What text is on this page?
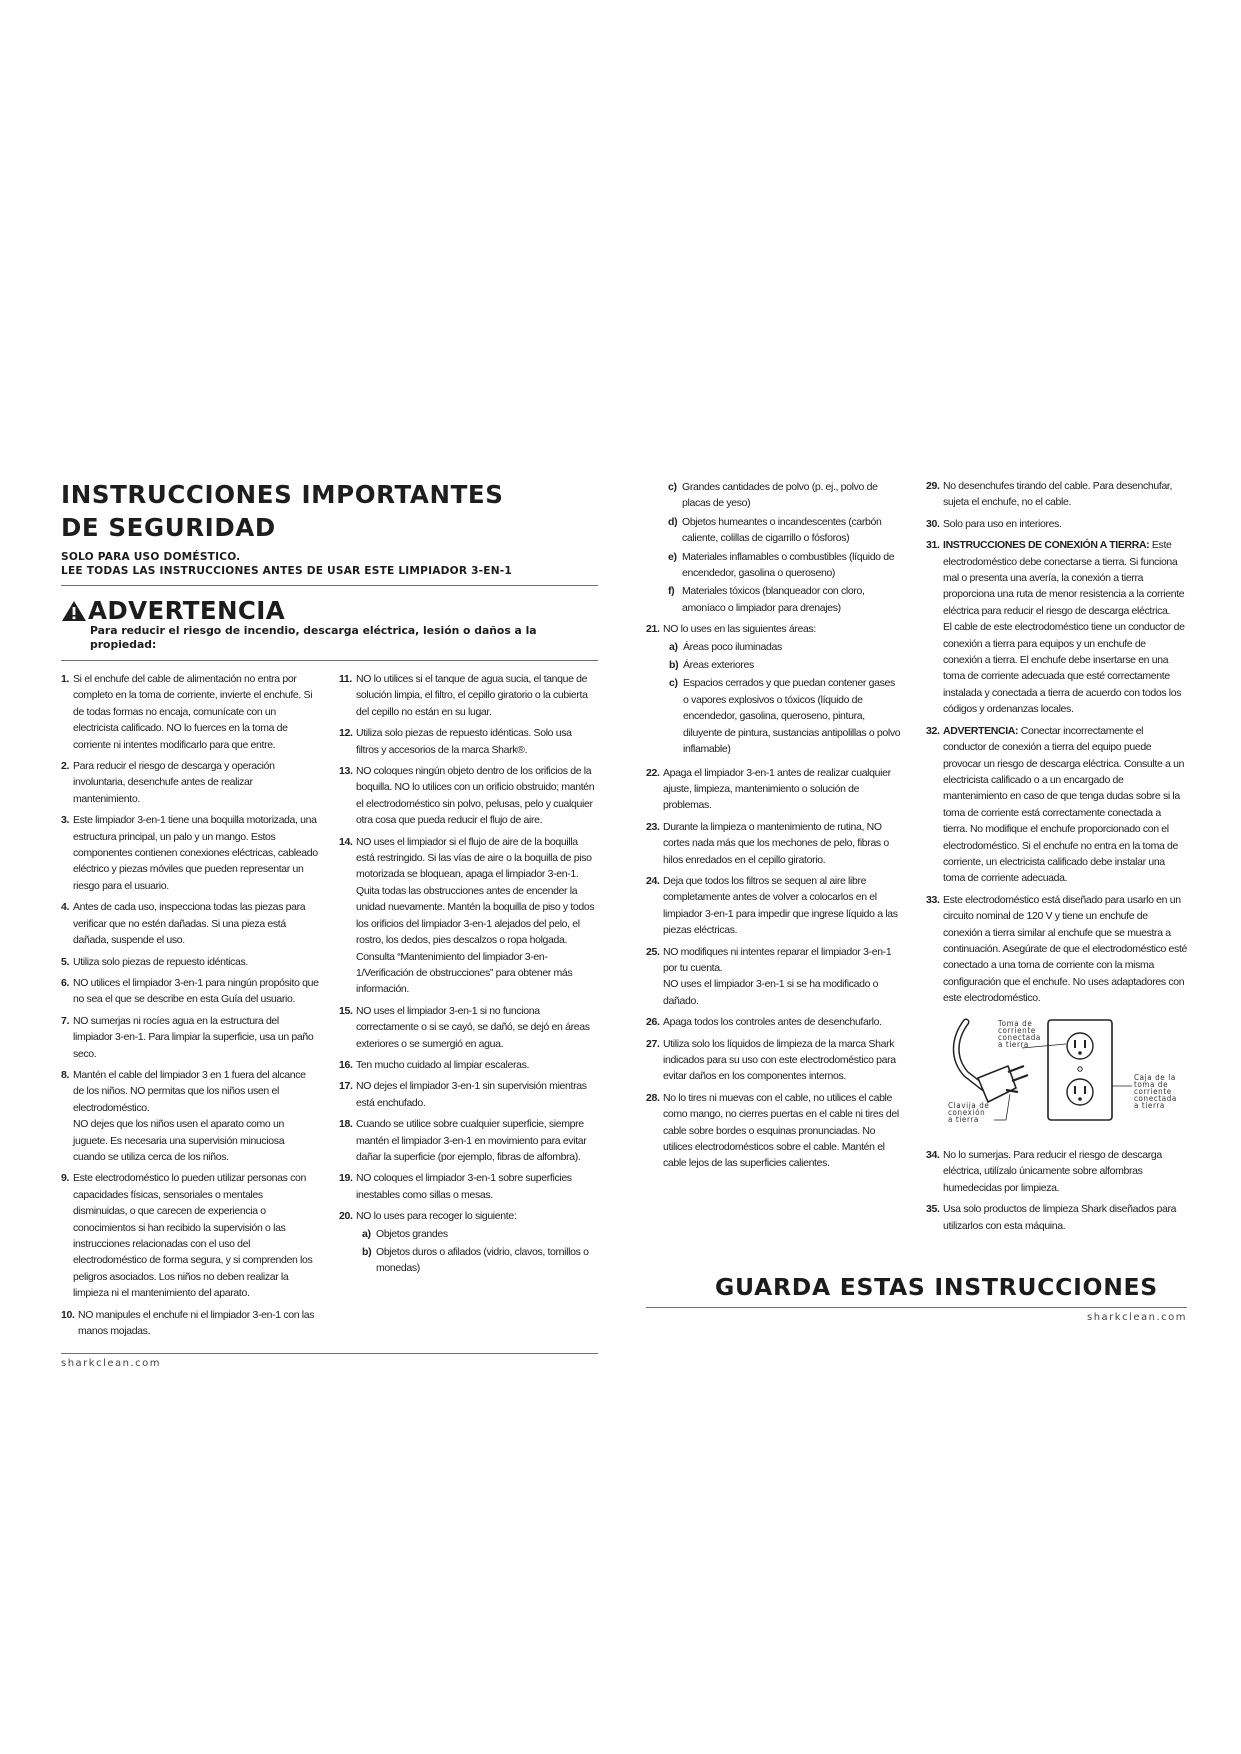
INSTRUCCIONES IMPORTANTES
DE SEGURIDAD
SOLO PARA USO DOMÉSTICO.
LEE TODAS LAS INSTRUCCIONES ANTES DE USAR ESTE LIMPIADOR 3-EN-1
ADVERTENCIA
Para reducir el riesgo de incendio, descarga eléctrica, lesión o daños a la propiedad:
1. Si el enchufe del cable de alimentación no entra por completo en la toma de corriente, invierte el enchufe. Si de todas formas no encaja, comunícate con un electricista calificado. NO lo fuerces en la toma de corriente ni intentes modificarlo para que entre.
2. Para reducir el riesgo de descarga y operación involuntaria, desenchufe antes de realizar mantenimiento.
3. Este limpiador 3-en-1 tiene una boquilla motorizada, una estructura principal, un palo y un mango. Estos componentes contienen conexiones eléctricas, cableado eléctrico y piezas móviles que pueden representar un riesgo para el usuario.
4. Antes de cada uso, inspecciona todas las piezas para verificar que no estén dañadas. Si una pieza está dañada, suspende el uso.
5. Utiliza solo piezas de repuesto idénticas.
6. NO utilices el limpiador 3-en-1 para ningún propósito que no sea el que se describe en esta Guía del usuario.
7. NO sumerjas ni rocíes agua en la estructura del limpiador 3-en-1. Para limpiar la superficie, usa un paño seco.
8. Mantén el cable del limpiador 3 en 1 fuera del alcance de los niños. NO permitas que los niños usen el electrodoméstico.

NO dejes que los niños usen el aparato como un juguete. Es necesaria una supervisión minuciosa cuando se utiliza cerca de los niños.

9. Este electrodoméstico lo pueden utilizar personas con capacidades físicas, sensoriales o mentales disminuidas, o que carecen de experiencia o conocimientos si han recibido la supervisión o las instrucciones relacionadas con el uso del electrodoméstico de forma segura, y si comprenden los peligros asociados. Los niños no deben realizar la limpieza ni el mantenimiento del aparato.
10. NO manipules el enchufe ni el limpiador 3-en-1 con las manos mojadas.
11. NO lo utilices si el tanque de agua sucia, el tanque de solución limpia, el filtro, el cepillo giratorio o la cubierta del cepillo no están en su lugar.
12. Utiliza solo piezas de repuesto idénticas. Solo usa filtros y accesorios de la marca Shark®.
13. NO coloques ningún objeto dentro de los orificios de la boquilla. NO lo utilices con un orificio obstruido; mantén el electrodoméstico sin polvo, pelusas, pelo y cualquier otra cosa que pueda reducir el flujo de aire.
14. NO uses el limpiador si el flujo de aire de la boquilla está restringido. Si las vías de aire o la boquilla de piso motorizada se bloquean, apaga el limpiador 3-en-1. Quita todas las obstrucciones antes de encender la unidad nuevamente. Mantén la boquilla de piso y todos los orificios del limpiador 3-en-1 alejados del pelo, el rostro, los dedos, pies descalzos o ropa holgada. Consulta “Mantenimiento del limpiador 3-en-1/Verificación de obstrucciones” para obtener más información.
15. NO uses el limpiador 3-en-1 si no funciona correctamente o si se cayó, se dañó, se dejó en áreas exteriores o se sumergió en agua.
16. Ten mucho cuidado al limpiar escaleras.
17. NO dejes el limpiador 3-en-1 sin supervisión mientras está enchufado.
18. Cuando se utilice sobre cualquier superficie, siempre mantén el limpiador 3-en-1 en movimiento para evitar dañar la superficie (por ejemplo, fibras de alfombra).
19. NO coloques el limpiador 3-en-1 sobre superficies inestables como sillas o mesas.
20. NO lo uses para recoger lo siguiente:

a) Objetos grandes
b) Objetos duros o afilados (vidrio, clavos, tornillos o monedas)
sharkclean.com
c) Grandes cantidades de polvo (p. ej., polvo de placas de yeso)
d) Objetos humeantes o incandescentes (carbón caliente, colillas de cigarrillo o fósforos)
e) Materiales inflamables o combustibles (líquido de encendedor, gasolina o queroseno)
f) Materiales tóxicos (blanqueador con cloro, amoníaco o limpiador para drenajes)
21. NO lo uses en las siguientes áreas:

a) Áreas poco iluminadas
b) Áreas exteriores
c) Espacios cerrados y que puedan contener gases o vapores explosivos o tóxicos (líquido de encendedor, gasolina, queroseno, pintura, diluyente de pintura, sustancias antipolillas o polvo inflamable)
22. Apaga el limpiador 3-en-1 antes de realizar cualquier ajuste, limpieza, mantenimiento o solución de problemas.
23. Durante la limpieza o mantenimiento de rutina, NO cortes nada más que los mechones de pelo, fibras o hilos enredados en el cepillo giratorio.
24. Deja que todos los filtros se sequen al aire libre completamente antes de volver a colocarlos en el limpiador 3-en-1 para impedir que ingrese líquido a las piezas eléctricas.
25. NO modifiques ni intentes reparar el limpiador 3-en-1 por tu cuenta.

NO uses el limpiador 3-en-1 si se ha modificado o dañado.

26. Apaga todos los controles antes de desenchufarlo.
27. Utiliza solo los líquidos de limpieza de la marca Shark indicados para su uso con este electrodoméstico para evitar daños en los componentes internos.
28. No lo tires ni muevas con el cable, no utilices el cable como mango, no cierres puertas en el cable ni tires del cable sobre bordes o esquinas pronunciadas. No utilices electrodomésticos sobre el cable. Mantén el cable lejos de las superficies calientes.
29. No desenchufes tirando del cable. Para desenchufar, sujeta el enchufe, no el cable.
30. Solo para uso en interiores.
31. INSTRUCCIONES DE CONEXIÓN A TIERRA: Este electrodoméstico debe conectarse a tierra. Si funciona mal o presenta una avería, la conexión a tierra proporciona una ruta de menor resistencia a la corriente eléctrica para reducir el riesgo de descarga eléctrica.

El cable de este electrodoméstico tiene un conductor de conexión a tierra para equipos y un enchufe de conexión a tierra. El enchufe debe insertarse en una toma de corriente adecuada que esté correctamente instalada y conectada a tierra de acuerdo con todos los códigos y ordenanzas locales.

32. ADVERTENCIA: Conectar incorrectamente el conductor de conexión a tierra del equipo puede provocar un riesgo de descarga eléctrica. Consulte a un electricista calificado o a un encargado de mantenimiento en caso de que tenga dudas sobre si la toma de corriente está correctamente conectada a tierra. No modifique el enchufe proporcionado con el electrodoméstico. Si el enchufe no entra en la toma de corriente, un electricista calificado debe instalar una toma de corriente adecuada.

33. Este electrodoméstico está diseñado para usarlo en un circuito nominal de 120 V y tiene un enchufe de conexión a tierra similar al enchufe que se muestra a continuación. Asegúrate de que el electrodoméstico esté conectado a una toma de corriente con la misma configuración que el enchufe. No uses adaptadores con este electrodoméstico.
Toma de
corriente
conectada
a tierra
Caja de la
toma de
corriente
conectada
a tierra
Clavija de
conexión
a tierra
34. No lo sumerjas. Para reducir el riesgo de descarga eléctrica, utilízalo únicamente sobre alfombras humedecidas por limpieza.
35. Usa solo productos de limpieza Shark diseñados para utilizarlos con esta máquina.
GUARDA ESTAS INSTRUCCIONES
sharkclean.com
